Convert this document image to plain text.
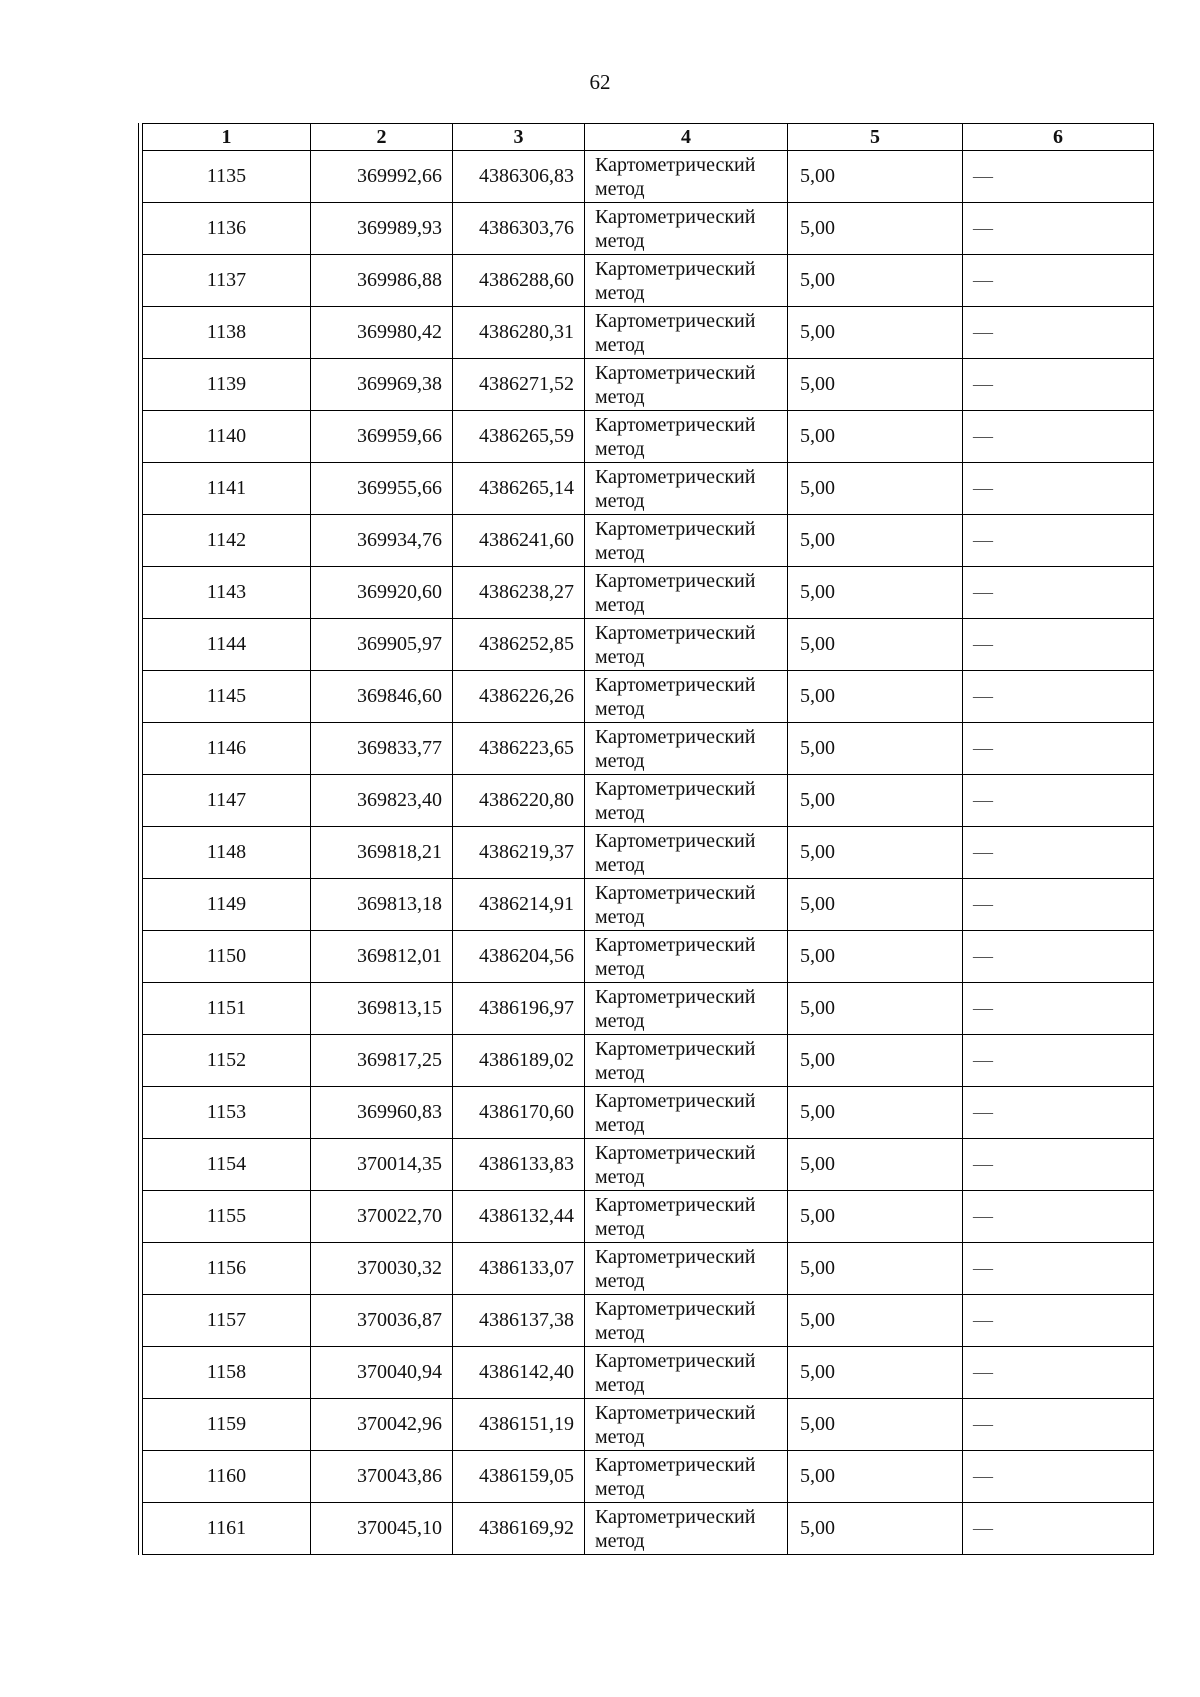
62
1	2	3	4	5	6
1135	369992,66	4386306,83	Картометрический
метод	5,00	—
1136	369989,93	4386303,76	Картометрический
метод	5,00	—
1137	369986,88	4386288,60	Картометрический
метод	5,00	—
1138	369980,42	4386280,31	Картометрический
метод	5,00	—
1139	369969,38	4386271,52	Картометрический
метод	5,00	—
1140	369959,66	4386265,59	Картометрический
метод	5,00	—
1141	369955,66	4386265,14	Картометрический
метод	5,00	—
1142	369934,76	4386241,60	Картометрический
метод	5,00	—
1143	369920,60	4386238,27	Картометрический
метод	5,00	—
1144	369905,97	4386252,85	Картометрический
метод	5,00	—
1145	369846,60	4386226,26	Картометрический
метод	5,00	—
1146	369833,77	4386223,65	Картометрический
метод	5,00	—
1147	369823,40	4386220,80	Картометрический
метод	5,00	—
1148	369818,21	4386219,37	Картометрический
метод	5,00	—
1149	369813,18	4386214,91	Картометрический
метод	5,00	—
1150	369812,01	4386204,56	Картометрический
метод	5,00	—
1151	369813,15	4386196,97	Картометрический
метод	5,00	—
1152	369817,25	4386189,02	Картометрический
метод	5,00	—
1153	369960,83	4386170,60	Картометрический
метод	5,00	—
1154	370014,35	4386133,83	Картометрический
метод	5,00	—
1155	370022,70	4386132,44	Картометрический
метод	5,00	—
1156	370030,32	4386133,07	Картометрический
метод	5,00	—
1157	370036,87	4386137,38	Картометрический
метод	5,00	—
1158	370040,94	4386142,40	Картометрический
метод	5,00	—
1159	370042,96	4386151,19	Картометрический
метод	5,00	—
1160	370043,86	4386159,05	Картометрический
метод	5,00	—
1161	370045,10	4386169,92	Картометрический
метод	5,00	—
